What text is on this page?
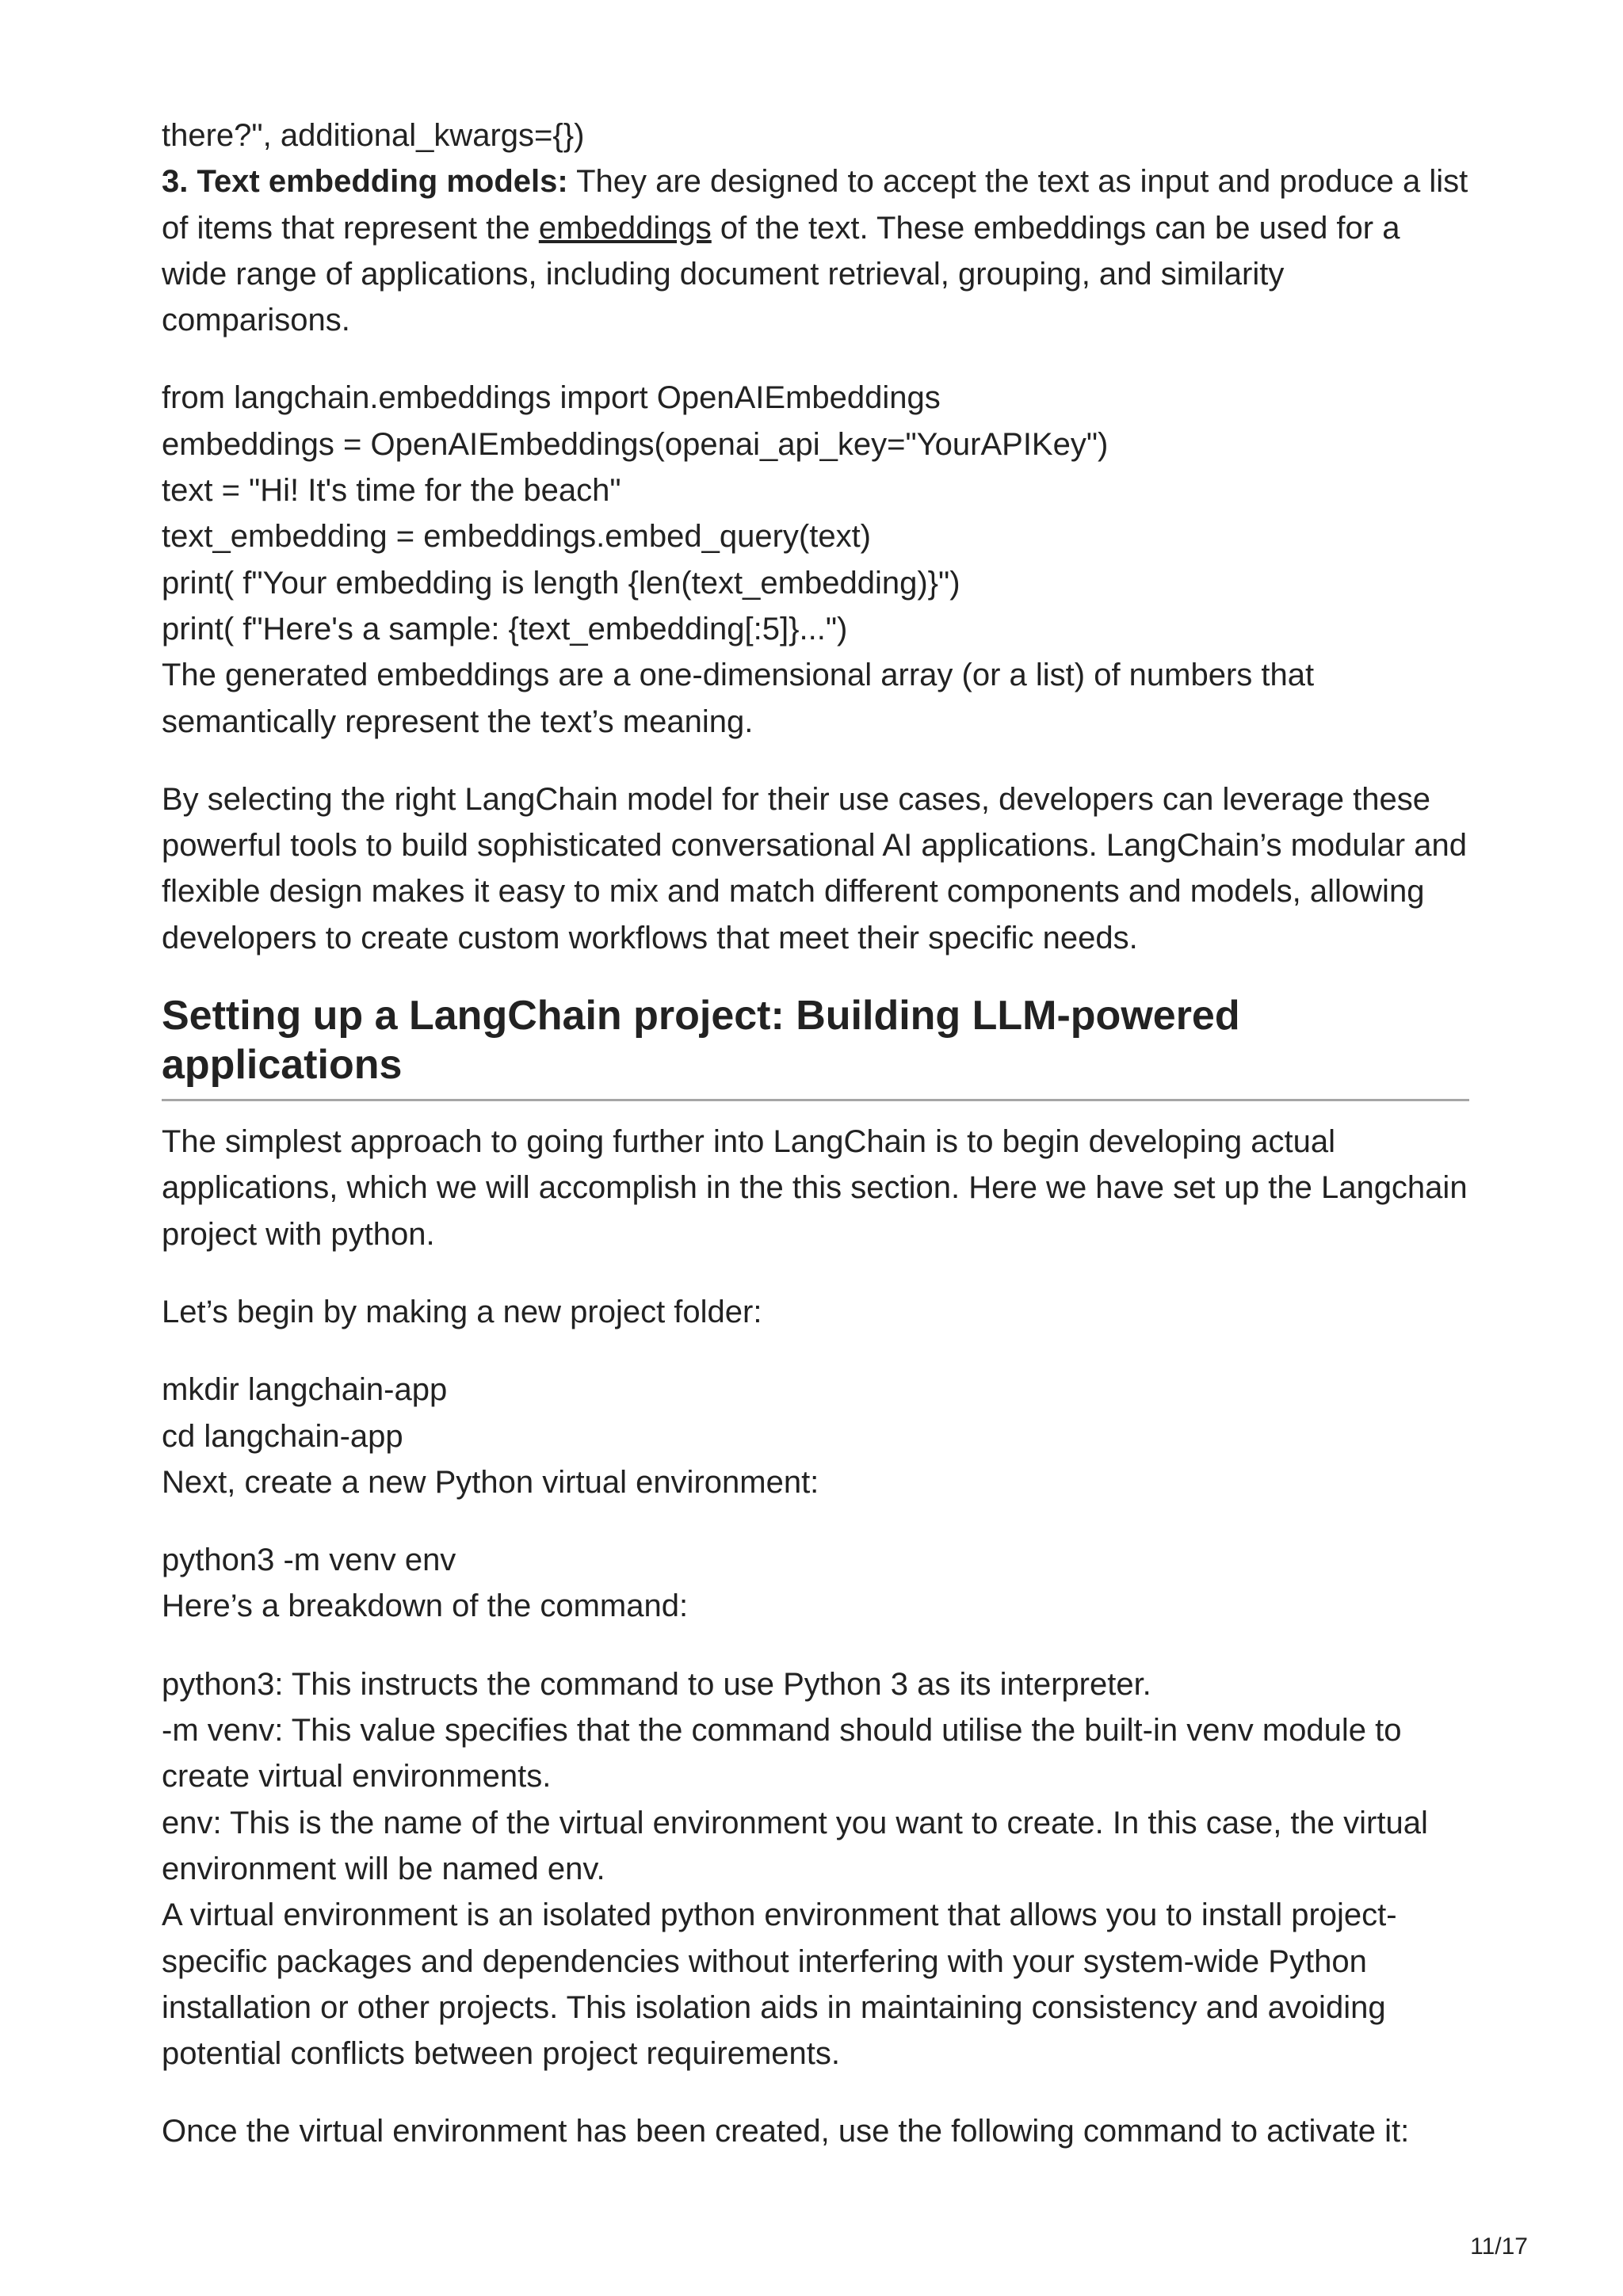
there?", additional_kwargs={})

3. Text embedding models: They are designed to accept the text as input and produce a list of items that represent the embeddings of the text. These embeddings can be used for a wide range of applications, including document retrieval, grouping, and similarity comparisons.

from langchain.embeddings import OpenAIEmbeddings

embeddings = OpenAIEmbeddings(openai_api_key="YourAPIKey")

text = "Hi! It's time for the beach"

text_embedding = embeddings.embed_query(text)

print( f"Your embedding is length {len(text_embedding)}")

print( f"Here's a sample: {text_embedding[:5]}...")

The generated embeddings are a one-dimensional array (or a list) of numbers that semantically represent the text’s meaning.

By selecting the right LangChain model for their use cases, developers can leverage these powerful tools to build sophisticated conversational AI applications. LangChain’s modular and flexible design makes it easy to mix and match different components and models, allowing developers to create custom workflows that meet their specific needs.

Setting up a LangChain project: Building LLM-powered applications

The simplest approach to going further into LangChain is to begin developing actual applications, which we will accomplish in the this section. Here we have set up the Langchain project with python.

Let’s begin by making a new project folder:

mkdir langchain-app

cd langchain-app

Next, create a new Python virtual environment:

python3 -m venv env

Here’s a breakdown of the command:

python3: This instructs the command to use Python 3 as its interpreter.

-m venv: This value specifies that the command should utilise the built-in venv module to create virtual environments.

env: This is the name of the virtual environment you want to create. In this case, the virtual environment will be named env.

A virtual environment is an isolated python environment that allows you to install project-specific packages and dependencies without interfering with your system-wide Python installation or other projects. This isolation aids in maintaining consistency and avoiding potential conflicts between project requirements.

Once the virtual environment has been created, use the following command to activate it:

11/17
